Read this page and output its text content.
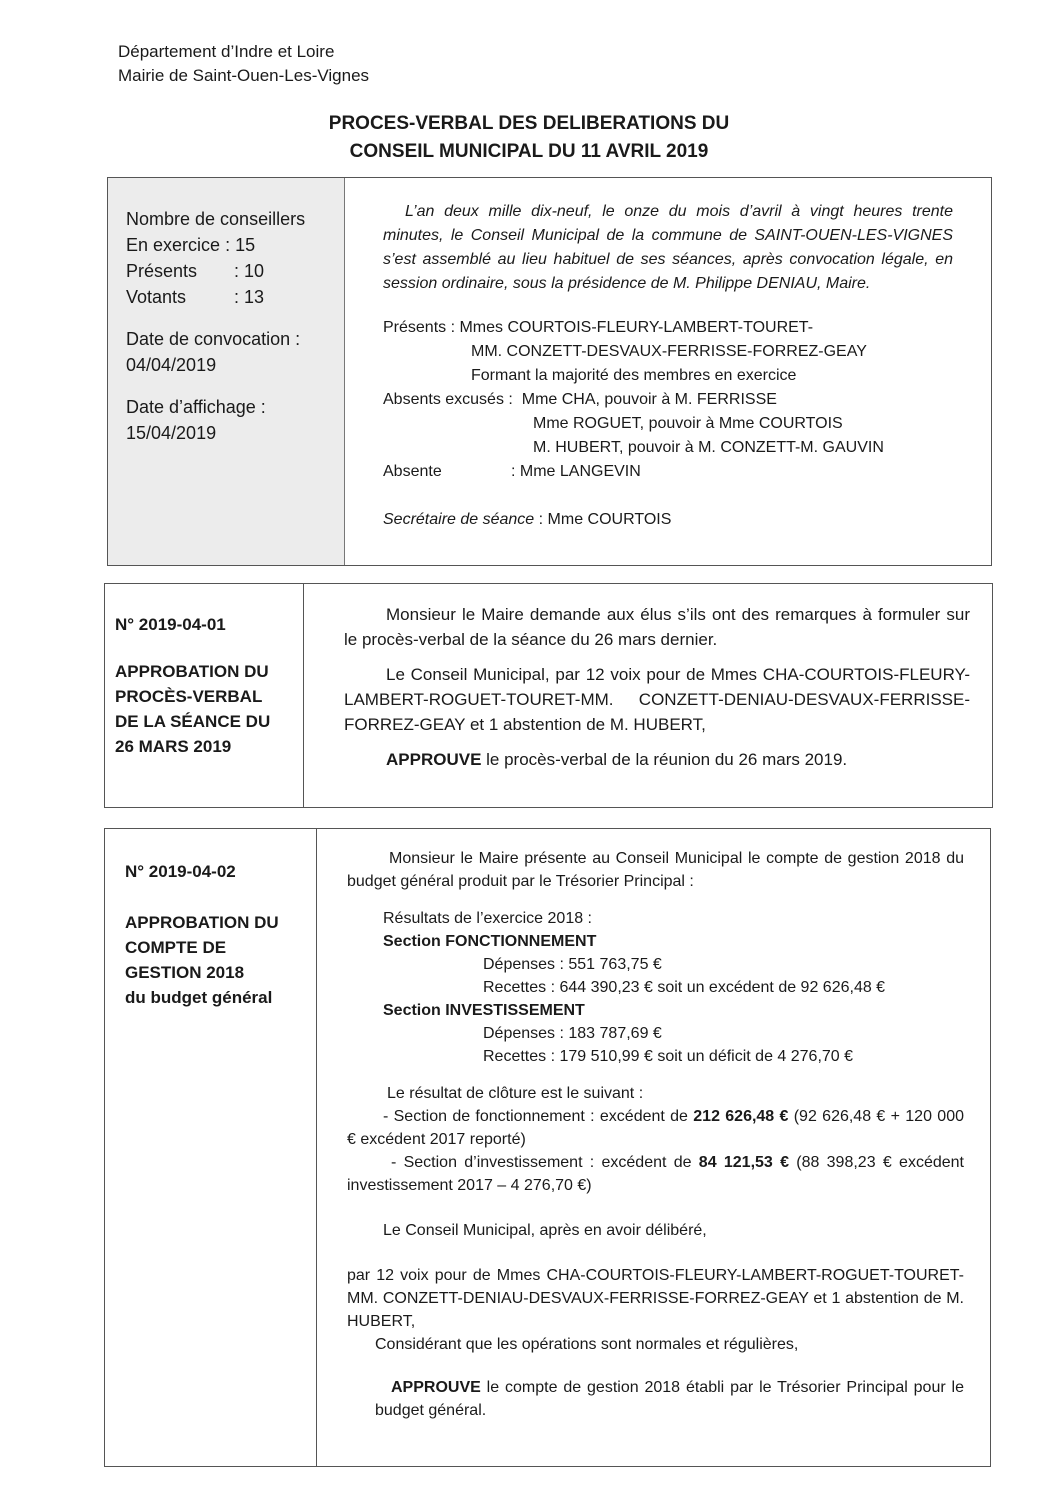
Département d’Indre et Loire
Mairie de Saint-Ouen-Les-Vignes
PROCES-VERBAL DES DELIBERATIONS DU
CONSEIL MUNICIPAL DU 11 AVRIL 2019
Nombre de conseillers
En exercice : 15
Présents	: 10
Votants	: 13
Date de convocation :
04/04/2019
Date d’affichage :
15/04/2019
L’an deux mille dix-neuf, le onze du mois d’avril à vingt heures trente minutes, le Conseil Municipal de la commune de SAINT-OUEN-LES-VIGNES s’est assemblé au lieu habituel de ses séances, après convocation légale, en session ordinaire, sous la présidence de M. Philippe DENIAU, Maire.
Présents : Mmes COURTOIS-FLEURY-LAMBERT-TOURET-
MM. CONZETT-DESVAUX-FERRISSE-FORREZ-GEAY
Formant la majorité des membres en exercice
Absents excusés :
Mme CHA, pouvoir à M. FERRISSE
Mme ROGUET, pouvoir à Mme COURTOIS
M. HUBERT, pouvoir à M. CONZETT-M. GAUVIN
Absente	: Mme LANGEVIN
Secrétaire de séance : Mme COURTOIS
N° 2019-04-01
APPROBATION DU
PROCÈS-VERBAL
DE LA SÉANCE DU
26 MARS 2019
Monsieur le Maire demande aux élus s’ils ont des remarques à formuler sur le procès-verbal de la séance du 26 mars dernier.
Le Conseil Municipal, par 12 voix pour de Mmes CHA-COURTOIS-FLEURY-LAMBERT-ROGUET-TOURET-MM. CONZETT-DENIAU-DESVAUX-FERRISSE-FORREZ-GEAY et 1 abstention de M. HUBERT,
APPROUVE le procès-verbal de la réunion du 26 mars 2019.
N° 2019-04-02
APPROBATION DU
COMPTE DE
GESTION 2018
du budget général
Monsieur le Maire présente au Conseil Municipal le compte de gestion 2018 du budget général produit par le Trésorier Principal :
Résultats de l’exercice 2018 :
Section FONCTIONNEMENT
Dépenses : 551 763,75 €
Recettes : 644 390,23 € soit un excédent de 92 626,48 €
Section INVESTISSEMENT
Dépenses : 183 787,69 €
Recettes : 179 510,99 € soit un déficit de 4 276,70 €
Le résultat de clôture est le suivant :
- Section de fonctionnement : excédent de 212 626,48 € (92 626,48 € + 120 000 € excédent 2017 reporté)
- Section d’investissement : excédent de 84 121,53 € (88 398,23 € excédent investissement 2017 – 4 276,70 €)
Le Conseil Municipal, après en avoir délibéré,
par 12 voix pour de Mmes CHA-COURTOIS-FLEURY-LAMBERT-ROGUET-TOURET-MM. CONZETT-DENIAU-DESVAUX-FERRISSE-FORREZ-GEAY et 1 abstention de M. HUBERT,
Considérant que les opérations sont normales et régulières,
APPROUVE le compte de gestion 2018 établi par le Trésorier Principal pour le budget général.
